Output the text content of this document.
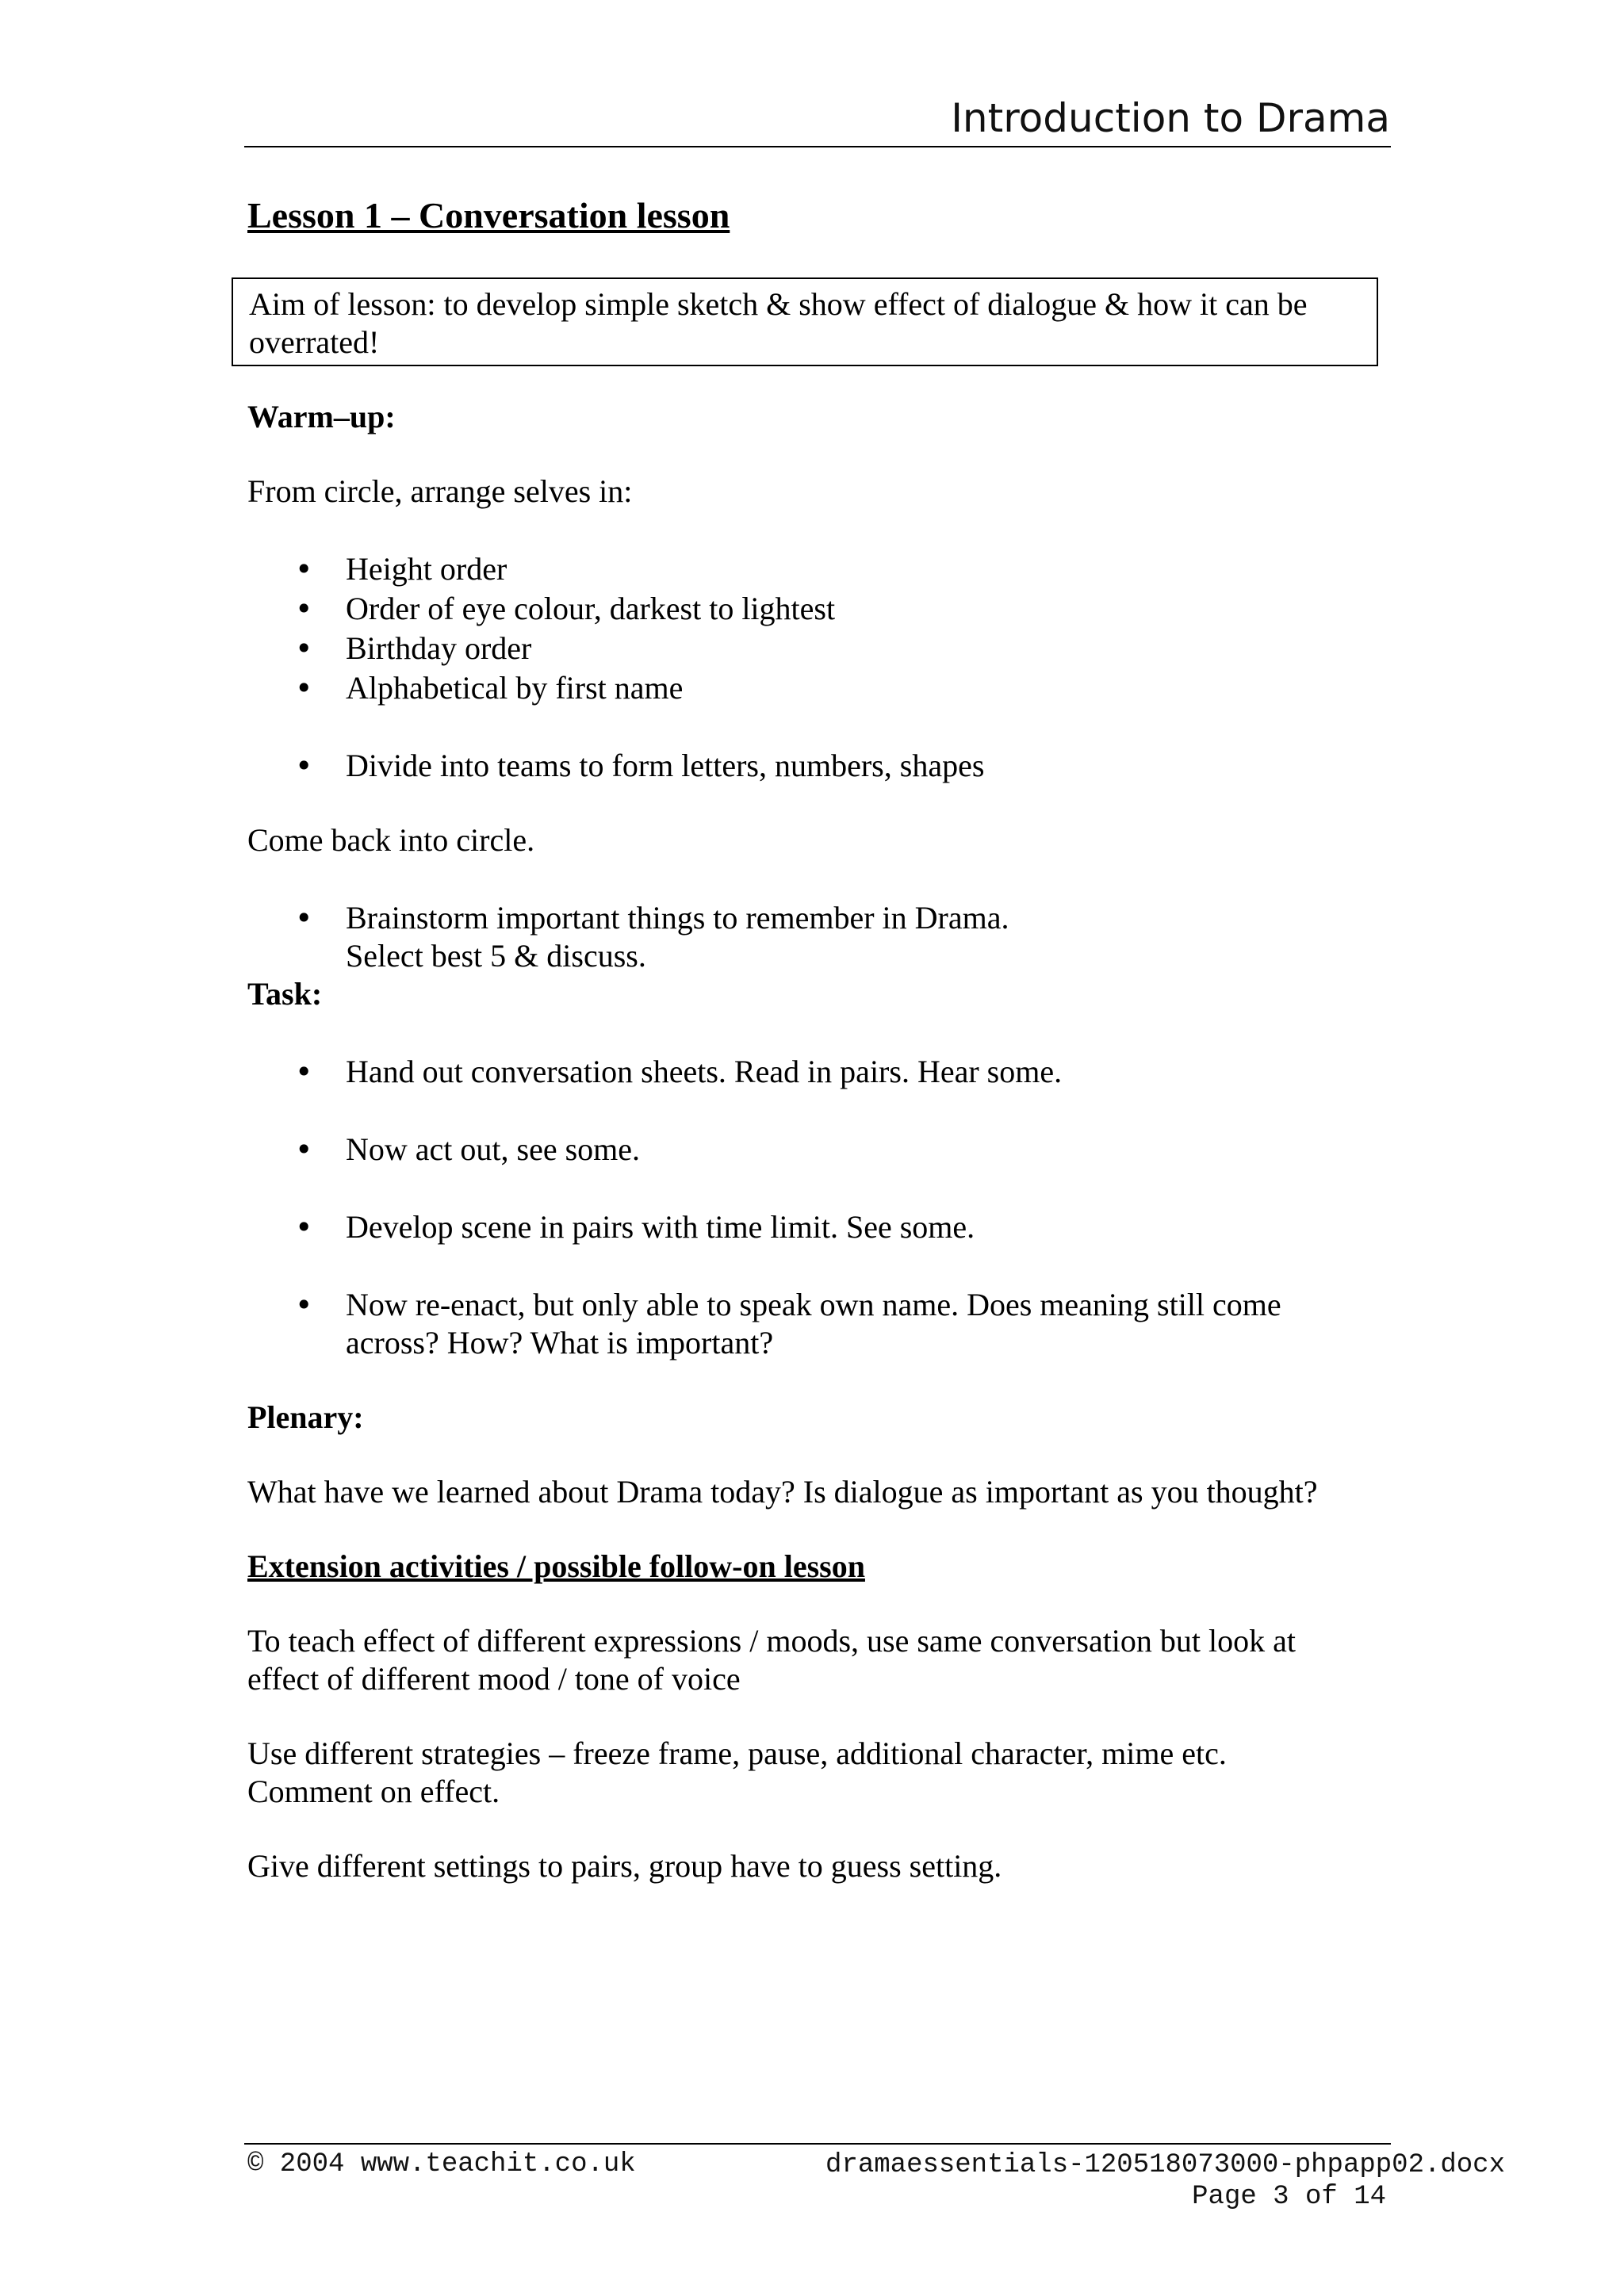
Introduction to Drama
Lesson 1 – Conversation lesson

Aim of lesson: to develop simple sketch & show effect of dialogue & how it can be overrated!

Warm–up:

From circle, arrange selves in:

• Height order
• Order of eye colour, darkest to lightest
• Birthday order
• Alphabetical by first name
• Divide into teams to form letters, numbers, shapes

Come back into circle.

• Brainstorm important things to remember in Drama.
Select best 5 & discuss.

Task:

• Hand out conversation sheets. Read in pairs. Hear some.
• Now act out, see some.
• Develop scene in pairs with time limit. See some.
• Now re-enact, but only able to speak own name. Does meaning still come across? How? What is important?

Plenary:

What have we learned about Drama today? Is dialogue as important as you thought?

Extension activities / possible follow-on lesson

To teach effect of different expressions / moods, use same conversation but look at effect of different mood / tone of voice

Use different strategies – freeze frame, pause, additional character, mime etc. Comment on effect.

Give different settings to pairs, group have to guess setting.

© 2004 www.teachit.co.uk	dramaessentials-120518073000-phpapp02.docx
Page 3 of 14
